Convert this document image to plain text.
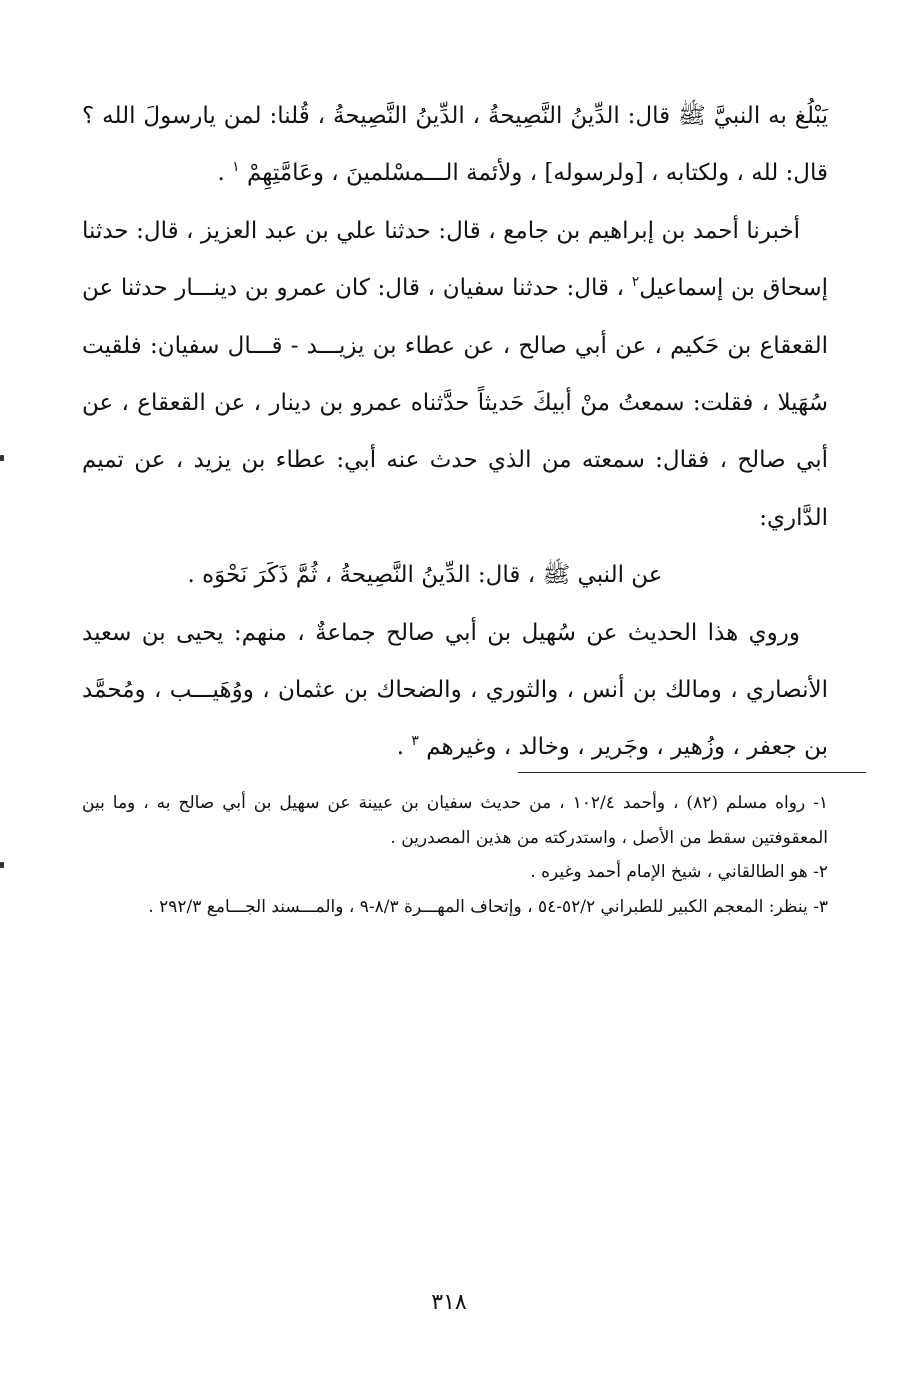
يَبْلُغ به النبيَّ ﷺ قال: الدِّينُ النَّصِيحةُ ، الدِّينُ النَّصِيحةُ ، قُلنا: لمن يارسولَ الله ؟ قال: لله ، ولكتابه ، [ولرسوله] ، ولأئمة الـــمسْلمينَ ، وعَامَّتِهِمْ $^١$ .

أخبرنا أحمد بن إبراهيم بن جامع ، قال: حدثنا علي بن عبد العزيز ، قال: حدثنا إسحاق بن إسماعيل$^٢$ ، قال: حدثنا سفيان ، قال: كان عمرو بن دينـــار حدثنا عن القعقاع بن حَكيم ، عن أبي صالح ، عن عطاء بن يزيـــد - قـــال سفيان: فلقيت سُهَيلا ، فقلت: سمعتُ منْ أبيكَ حَديثاً حدَّثناه عمرو بن دينار ، عن القعقاع ، عن أبي صالح ، فقال: سمعته من الذي حدث عنه أبي: عطاء بن يزيد ، عن تميم الدَّاري:

عن النبي ﷺ ، قال: الدِّينُ النَّصِيحةُ ، ثُمَّ ذَكَرَ نَحْوَه .

وروي هذا الحديث عن سُهيل بن أبي صالح جماعةٌ ، منهم: يحيى بن سعيد الأنصاري ، ومالك بن أنس ، والثوري ، والضحاك بن عثمان ، ووُهَيـــب ، ومُحمَّد بن جعفر ، وزُهير ، وجَرير ، وخالد ، وغيرهم $^٣$ .

١- رواه مسلم (٨٢) ، وأحمد ١٠٢/٤ ، من حديث سفيان بن عيينة عن سهيل بن أبي صالح به ، وما بين المعقوفتين سقط من الأصل ، واستدركته من هذين المصدرين .

٢- هو الطالقاني ، شيخ الإمام أحمد وغيره .

٣- ينظر: المعجم الكبير للطبراني ٥٢/٢-٥٤ ، وإتحاف المهـــرة ٨/٣-٩ ، والمـــسند الجـــامع ٢٩٢/٣ .

٣١٨
